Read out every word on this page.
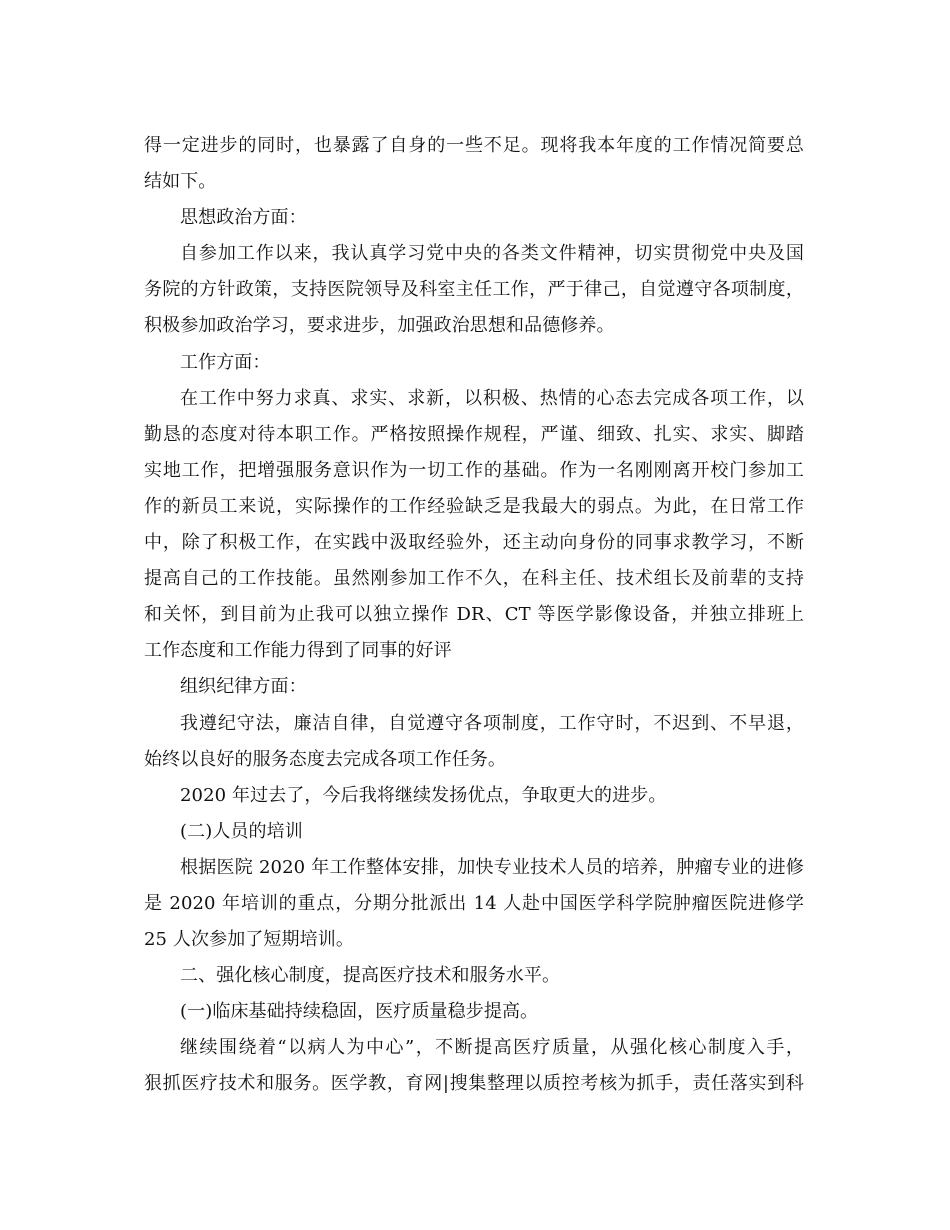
得一定进步的同时，也暴露了自身的一些不足。现将我本年度的工作情况简要总
结如下。
思想政治方面：
自参加工作以来，我认真学习党中央的各类文件精神，切实贯彻党中央及国
务院的方针政策，支持医院领导及科室主任工作，严于律己，自觉遵守各项制度，
积极参加政治学习，要求进步，加强政治思想和品德修养。
工作方面：
在工作中努力求真、求实、求新，以积极、热情的心态去完成各项工作，以
勤恳的态度对待本职工作。严格按照操作规程，严谨、细致、扎实、求实、脚踏
实地工作，把增强服务意识作为一切工作的基础。作为一名刚刚离开校门参加工
作的新员工来说，实际操作的工作经验缺乏是我最大的弱点。为此，在日常工作
中，除了积极工作，在实践中汲取经验外，还主动向身份的同事求教学习，不断
提高自己的工作技能。虽然刚参加工作不久，在科主任、技术组长及前辈的支持
和关怀，到目前为止我可以独立操作 DR、CT 等医学影像设备，并独立排班上
工作态度和工作能力得到了同事的好评
组织纪律方面：
我遵纪守法，廉洁自律，自觉遵守各项制度，工作守时，不迟到、不早退，
始终以良好的服务态度去完成各项工作任务。
2020 年过去了，今后我将继续发扬优点，争取更大的进步。
(二)人员的培训
根据医院 2020 年工作整体安排，加快专业技术人员的培养，肿瘤专业的进修
是 2020 年培训的重点，分期分批派出 14 人赴中国医学科学院肿瘤医院进修学
25 人次参加了短期培训。
二、强化核心制度，提高医疗技术和服务水平。
(一)临床基础持续稳固，医疗质量稳步提高。
继续围绕着“以病人为中心”，不断提高医疗质量，从强化核心制度入手，
狠抓医疗技术和服务。医学教，育网|搜集整理以质控考核为抓手，责任落实到科
